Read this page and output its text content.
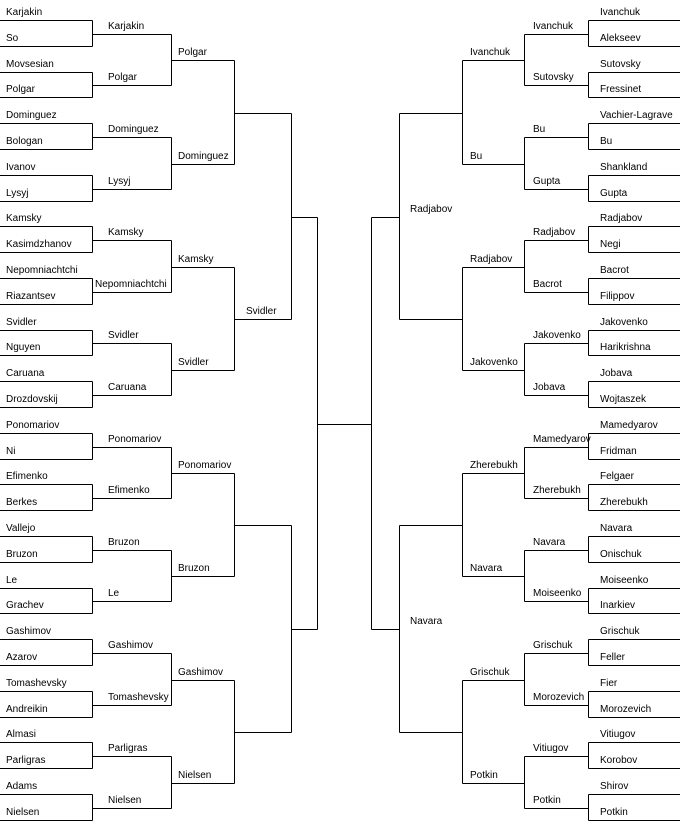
Karjakin
So
Movsesian
Polgar
Dominguez
Bologan
Ivanov
Lysyj
Kamsky
Kasimdzhanov
Nepomniachtchi
Riazantsev
Svidler
Nguyen
Caruana
Drozdovskij
Ponomariov
Ni
Efimenko
Berkes
Vallejo
Bruzon
Le
Grachev
Gashimov
Azarov
Tomashevsky
Andreikin
Almasi
Parligras
Adams
Nielsen
Karjakin
Polgar
Dominguez
Lysyj
Kamsky
Nepomniachtchi
Svidler
Caruana
Ponomariov
Efimenko
Bruzon
Le
Gashimov
Tomashevsky
Parligras
Nielsen
Polgar
Dominguez
Kamsky
Svidler
Ponomariov
Bruzon
Gashimov
Nielsen
Svidler
Ivanchuk
Alekseev
Sutovsky
Fressinet
Vachier-Lagrave
Bu
Shankland
Gupta
Radjabov
Negi
Bacrot
Filippov
Jakovenko
Harikrishna
Jobava
Wojtaszek
Mamedyarov
Fridman
Felgaer
Zherebukh
Navara
Onischuk
Moiseenko
Inarkiev
Grischuk
Feller
Fier
Morozevich
Vitiugov
Korobov
Shirov
Potkin
Ivanchuk
Sutovsky
Bu
Gupta
Radjabov
Bacrot
Jakovenko
Jobava
Mamedyarov
Zherebukh
Navara
Moiseenko
Grischuk
Morozevich
Vitiugov
Potkin
Ivanchuk
Bu
Radjabov
Jakovenko
Zherebukh
Navara
Grischuk
Potkin
Radjabov
Navara
